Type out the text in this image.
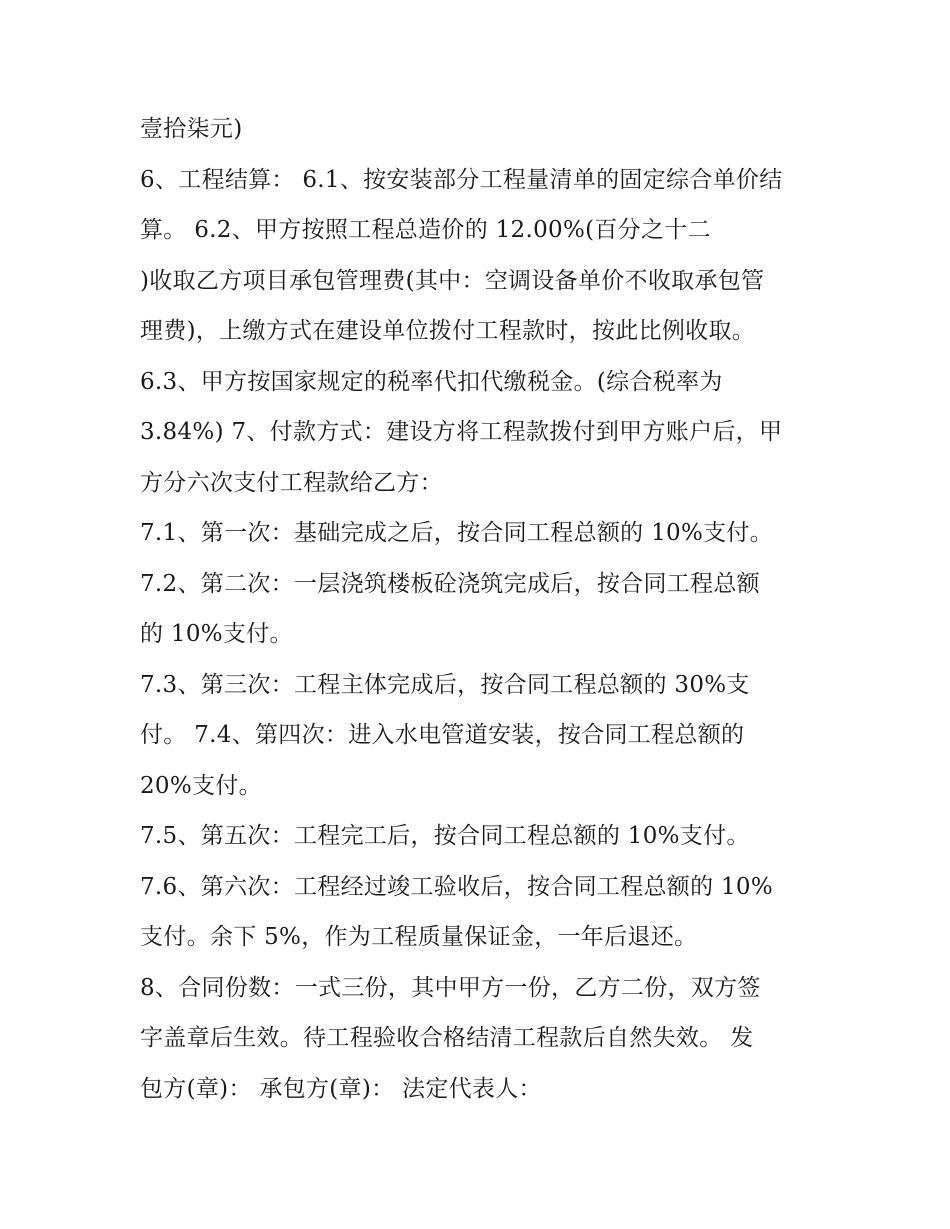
壹拾柒元)
6、工程结算： 6.1、按安装部分工程量清单的固定综合单价结
算。 6.2、甲方按照工程总造价的 12.00%(百分之十二
)收取乙方项目承包管理费(其中：空调设备单价不收取承包管
理费)，上缴方式在建设单位拨付工程款时，按此比例收取。
6.3、甲方按国家规定的税率代扣代缴税金。(综合税率为
3.84%) 7、付款方式：建设方将工程款拨付到甲方账户后，甲
方分六次支付工程款给乙方：
7.1、第一次：基础完成之后，按合同工程总额的 10%支付。
7.2、第二次：一层浇筑楼板砼浇筑完成后，按合同工程总额
的 10%支付。
7.3、第三次：工程主体完成后，按合同工程总额的 30%支
付。 7.4、第四次：进入水电管道安装，按合同工程总额的
20%支付。
7.5、第五次：工程完工后，按合同工程总额的 10%支付。
7.6、第六次：工程经过竣工验收后，按合同工程总额的 10%
支付。余下 5%，作为工程质量保证金，一年后退还。
8、合同份数：一式三份，其中甲方一份，乙方二份，双方签
字盖章后生效。待工程验收合格结清工程款后自然失效。 发
包方(章)： 承包方(章)： 法定代表人：
